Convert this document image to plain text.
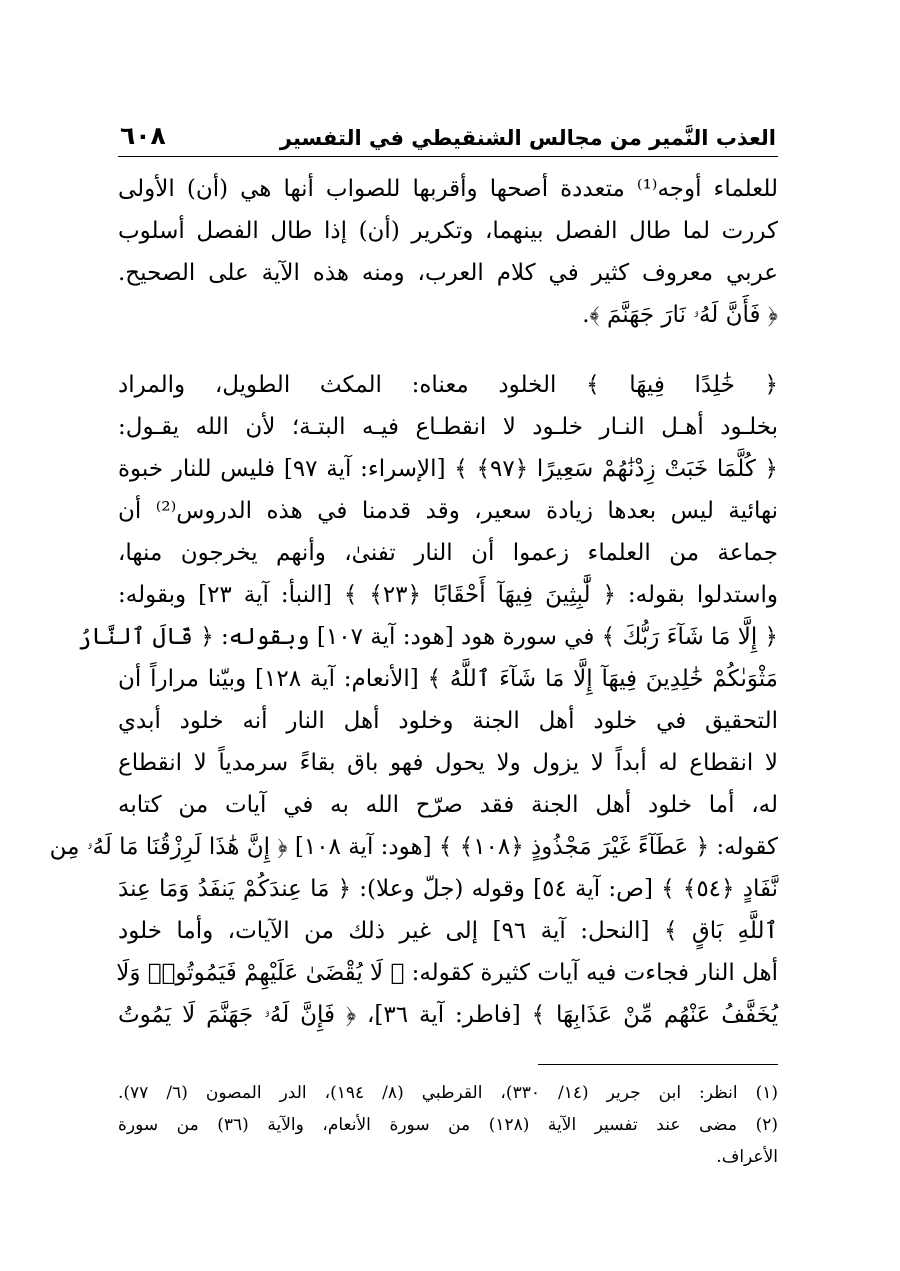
العذب النَّمير من مجالس الشنقيطي في التفسير
٦٠٨
للعلماء أوجه⁽¹⁾ متعددة أصحها وأقربها للصواب أنها هي (أن) الأولى
كررت لما طال الفصل بينهما، وتكرير (أن) إذا طال الفصل أسلوب
عربي معروف كثير في كلام العرب، ومنه هذه الآية على الصحيح.
﴿ فَأَنَّ لَهُۥ نَارَ جَهَنَّمَ ﴾.
﴿ خَٰلِدًا فِيهَا ﴾ الخلود معناه: المكث الطويل، والمراد
بخلـود أهـل النـار خلـود لا انقطـاع فيـه البتـة؛ لأن الله يقـول:
﴿ كُلَّمَا خَبَتْ زِدْنَٰهُمْ سَعِيرًا ﴿٩٧﴾ ﴾ [الإسراء: آية ٩٧] فليس للنار خبوة
نهائية ليس بعدها زيادة سعير، وقد قدمنا في هذه الدروس⁽²⁾ أن
جماعة من العلماء زعموا أن النار تفنىٰ، وأنهم يخرجون منها،
واستدلوا بقوله: ﴿ لَّٰبِثِينَ فِيهَآ أَحْقَابًا ﴿٢٣﴾ ﴾ [النبأ: آية ٢٣] وبقوله:
﴿ إِلَّا مَا شَآءَ رَبُّكَ ﴾ في سورة هود [هود: آية ١٠٧] وبقوله: ﴿ قَالَ ٱلنَّارُ
مَثْوَىٰكُمْ خَٰلِدِينَ فِيهَآ إِلَّا مَا شَآءَ ٱللَّهُ ﴾ [الأنعام: آية ١٢٨] وبيّنا مراراً أن
التحقيق في خلود أهل الجنة وخلود أهل النار أنه خلود أبدي
لا انقطاع له أبداً لا يزول ولا يحول فهو باق بقاءً سرمدياً لا انقطاع
له، أما خلود أهل الجنة فقد صرّح الله به في آيات من كتابه
كقوله: ﴿ عَطَآءً غَيْرَ مَجْذُوذٍ ﴿١٠٨﴾ ﴾ [هود: آية ١٠٨] ﴿ إِنَّ هَٰذَا لَرِزْقُنَا مَا لَهُۥ مِن
نَّفَادٍ ﴿٥٤﴾ ﴾ [ص: آية ٥٤] وقوله (جلّ وعلا): ﴿ مَا عِندَكُمْ يَنفَدُ وَمَا عِندَ
ٱللَّهِ بَاقٍ ﴾ [النحل: آية ٩٦] إلى غير ذلك من الآيات، وأما خلود
أهل النار فجاءت فيه آيات كثيرة كقوله: ﴿ لَا يُقْضَىٰ عَلَيْهِمْ فَيَمُوتُوا۟ وَلَا
يُخَفَّفُ عَنْهُم مِّنْ عَذَابِهَا ﴾ [فاطر: آية ٣٦]، ﴿ فَإِنَّ لَهُۥ جَهَنَّمَ لَا يَمُوتُ
(١) انظر: ابن جرير (١٤/ ٣٣٠)، القرطبي (٨/ ١٩٤)، الدر المصون (٦/ ٧٧).
(٢) مضى عند تفسير الآية (١٢٨) من سورة الأنعام، والآية (٣٦) من سورة
الأعراف.
